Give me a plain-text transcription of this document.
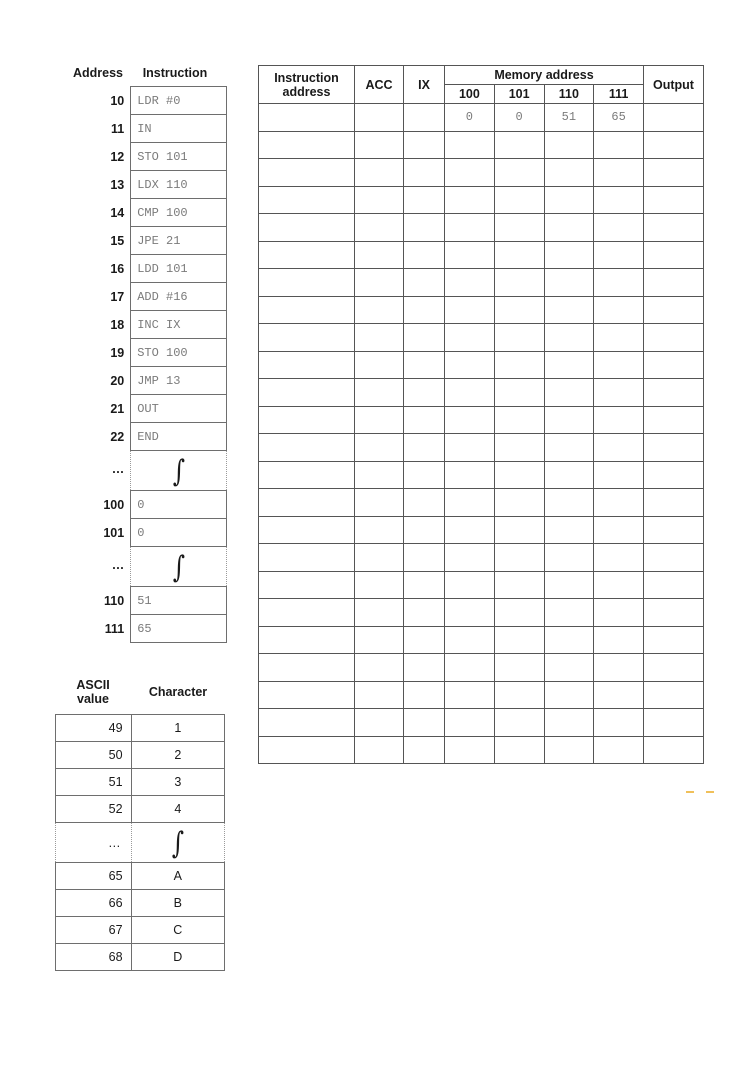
Address	Instruction
10	LDR #0
11	IN
12	STO 101
13	LDX 110
14	CMP 100
15	JPE 21
16	LDD 101
17	ADD #16
18	INC IX
19	STO 100
20	JMP 13
21	OUT
22	END
...	∫
100	0
101	0
...	∫
110	51
111	65
ASCII
value	Character
49	1
50	2
51	3
52	4
...	∫
65	A
66	B
67	C
68	D
Instruction
address	ACC	IX	Memory address				Output
			100	101	110	111	
			0	0	51	65	
